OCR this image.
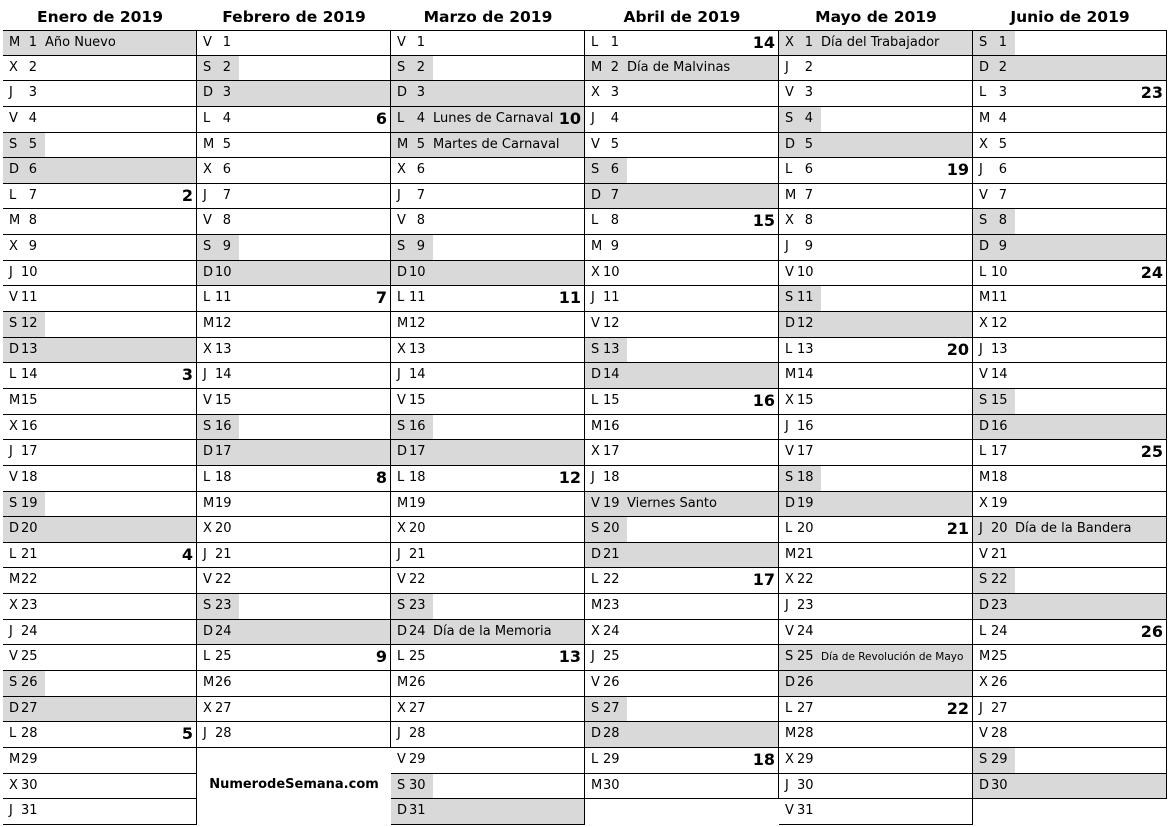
Enero de 2019
M 1 Año Nuevo
X 2
J	3
V 4
S 5
D 6
L 7	2
M 8
X 9
J 10
V 11
S 12
D 13
L 14	3
M 15
X 16
J 17
V 18
S 19
D 20
L 21	4
M 22
X 23
J 24
V 25
S 26
D 27
L 28	5
M 29
X 30
J 31
Febrero de 2019
V 1
S 2
D 3
L 4	6
M 5
X 6
J	7
V 8
S 9
D 10
L 11	7
M 12
X 13
J 14
V 15
S 16
D 17
L 18	8
M 19
X 20
J 21
V 22
S 23
D 24
L 25	9
M 26
X 27
J 28
NumerodeSemana.com
Marzo de 2019
V 1
S 2
D 3
L 4 Lunes de Carnaval 10
M 5 Martes de Carnaval
X 6
J	7
V 8
S 9
D 10
L 11	11
M 12
X 13
J 14
V 15
S 16
D 17
L 18	12
M 19
X 20
J 21
V 22
S 23
D 24 Día de la Memoria
L 25	13
M 26
X 27
J 28
V 29
S 30
D 31
Abril de 2019
L 1	14
M 2 Día de Malvinas
X 3
J	4
V 5
S 6
D 7
L 8	15
M 9
X 10
J 11
V 12
S 13
D 14
L 15	16
M 16
X 17
J 18
V 19 Viernes Santo
S 20
D 21
L 22	17
M 23
X 24
J 25
V 26
S 27
D 28
L 29	18
M 30
Mayo de 2019
X 1 Día del Trabajador
J	2
V 3
S 4
D 5
L 6	19
M 7
X 8
J	9
V 10
S 11
D 12
L 13	20
M 14
X 15
J 16
V 17
S 18
D 19
L 20	21
M 21
X 22
J 23
V 24
S 25 Día de Revolución de Mayo
D 26
L 27	22
M 28
X 29
J 30
V 31
Junio de 2019
S 1
D 2
L 3	23
M 4
X 5
J	6
V 7
S 8
D 9
L 10	24
M 11
X 12
J 13
V 14
S 15
D 16
L 17	25
M 18
X 19
J 20 Día de la Bandera
V 21
S 22
D 23
L 24	26
M 25
X 26
J 27
V 28
S 29
D 30
